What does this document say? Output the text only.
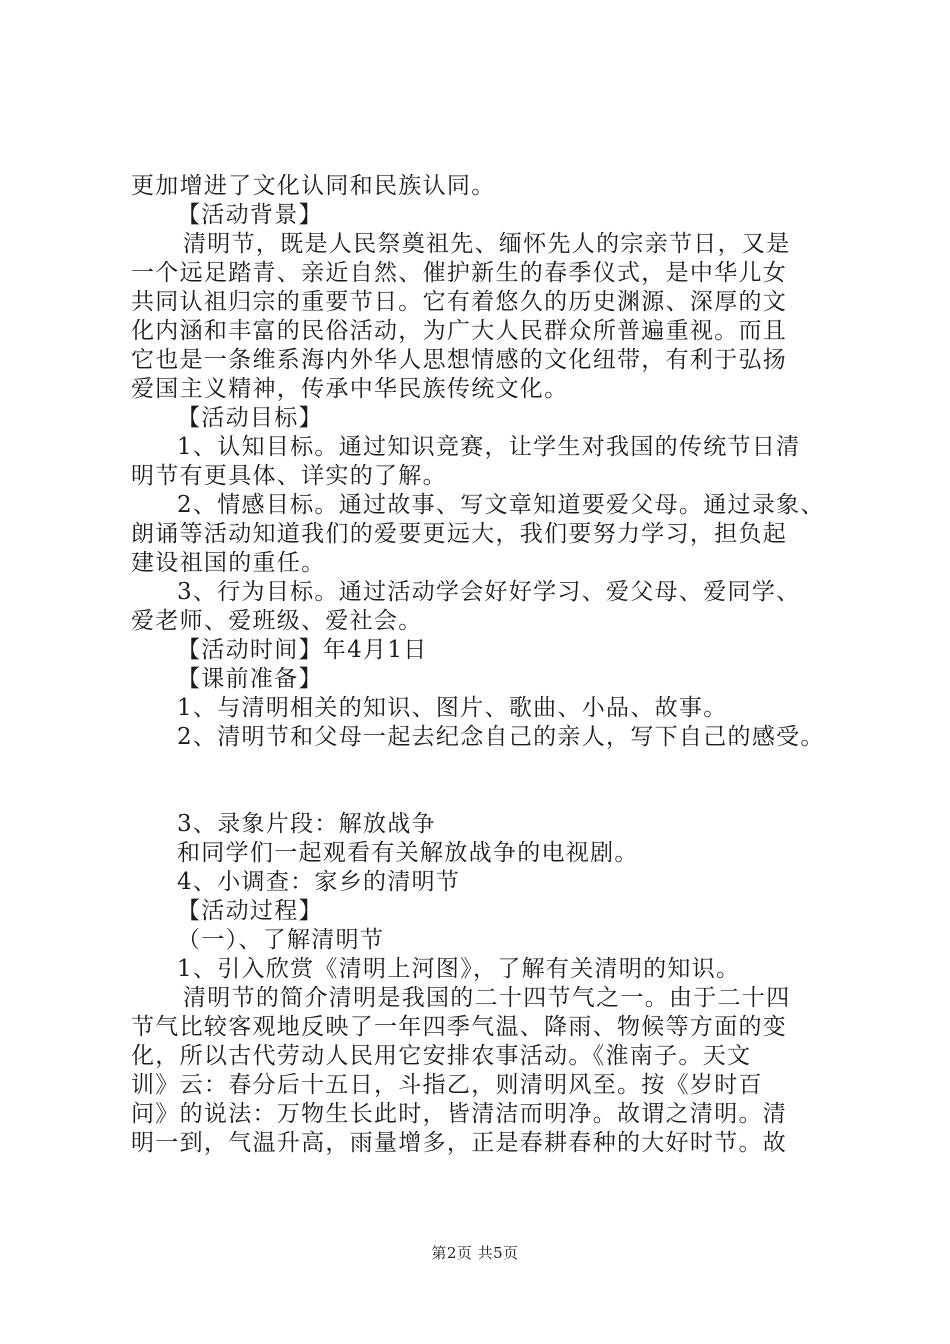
更加增进了文化认同和民族认同。
【活动背景】
清明节，既是人民祭奠祖先、缅怀先人的宗亲节日，又是
一个远足踏青、亲近自然、催护新生的春季仪式，是中华儿女
共同认祖归宗的重要节日。它有着悠久的历史渊源、深厚的文
化内涵和丰富的民俗活动，为广大人民群众所普遍重视。而且
它也是一条维系海内外华人思想情感的文化纽带，有利于弘扬
爱国主义精神，传承中华民族传统文化。
【活动目标】
1、认知目标。通过知识竞赛，让学生对我国的传统节日清
明节有更具体、详实的了解。
2、情感目标。通过故事、写文章知道要爱父母。通过录象、
朗诵等活动知道我们的爱要更远大，我们要努力学习，担负起
建设祖国的重任。
3、行为目标。通过活动学会好好学习、爱父母、爱同学、
爱老师、爱班级、爱社会。
【活动时间】年4月1日
【课前准备】
1、与清明相关的知识、图片、歌曲、小品、故事。
2、清明节和父母一起去纪念自己的亲人，写下自己的感受。
3、录象片段：解放战争
和同学们一起观看有关解放战争的电视剧。
4、小调查：家乡的清明节
【活动过程】
（一）、了解清明节
1、引入欣赏《清明上河图》，了解有关清明的知识。
清明节的简介清明是我国的二十四节气之一。由于二十四
节气比较客观地反映了一年四季气温、降雨、物候等方面的变
化，所以古代劳动人民用它安排农事活动。《淮南子。天文
训》云：春分后十五日，斗指乙，则清明风至。按《岁时百
问》的说法：万物生长此时，皆清洁而明净。故谓之清明。清
明一到，气温升高，雨量增多，正是春耕春种的大好时节。故
第2页 共5页
